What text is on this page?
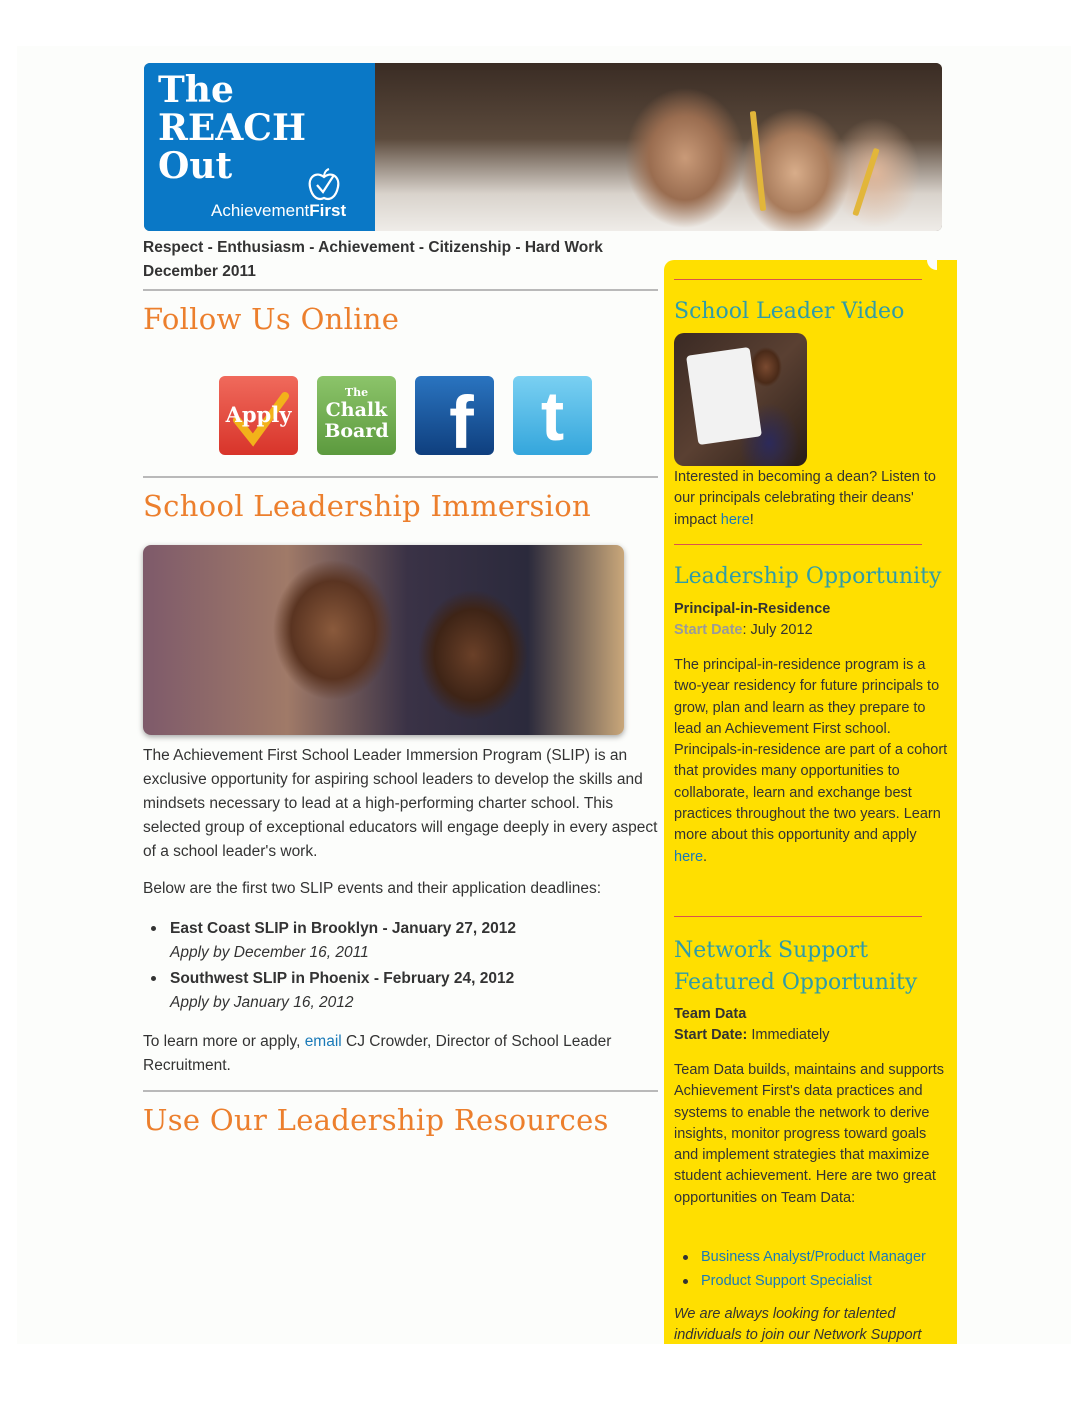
The
REACH
Out
AchievementFirst
Respect - Enthusiasm - Achievement - Citizenship - Hard Work
December 2011
Follow Us Online
Apply
The
Chalk Board f t
School Leadership Immersion

The Achievement First School Leader Immersion Program (SLIP) is an exclusive opportunity for aspiring school leaders to develop the skills and mindsets necessary to lead at a high-performing charter school. This selected group of exceptional educators will engage deeply in every aspect of a school leader's work.

Below are the first two SLIP events and their application deadlines:

East Coast SLIP in Brooklyn - January 27, 2012
Apply by December 16, 2011
Southwest SLIP in Phoenix - February 24, 2012
Apply by January 16, 2012
To learn more or apply, email CJ Crowder, Director of School Leader Recruitment.
Use Our Leadership Resources
School Leader Video
Interested in becoming a dean? Listen to our principals celebrating their deans' impact here!
Leadership Opportunity
Principal-in-Residence
Start Date: July 2012
The principal-in-residence program is a two-year residency for future principals to grow, plan and learn as they prepare to lead an Achievement First school. Principals-in-residence are part of a cohort that provides many opportunities to collaborate, learn and exchange best practices throughout the two years. Learn more about this opportunity and apply here.
Network Support
Featured Opportunity
Team Data
Start Date: Immediately
Team Data builds, maintains and supports Achievement First's data practices and systems to enable the network to derive insights, monitor progress toward goals and implement strategies that maximize student achievement. Here are two great opportunities on Team Data:
Business Analyst/Product Manager
Product Support Specialist
We are always looking for talented individuals to join our Network Support
